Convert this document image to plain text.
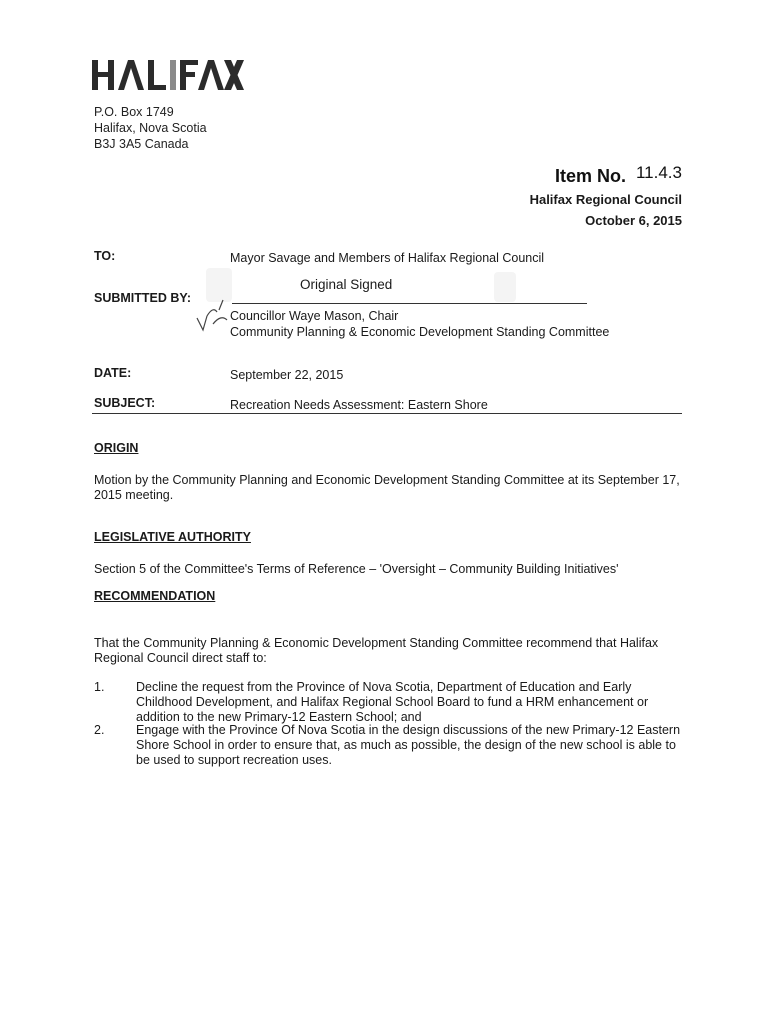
P.O. Box 1749
Halifax, Nova Scotia
B3J 3A5 Canada
Item No. 11.4.3
Halifax Regional Council
October 6, 2015
TO:	Mayor Savage and Members of Halifax Regional Council
Original Signed
SUBMITTED BY:
Councillor Waye Mason, Chair
Community Planning & Economic Development Standing Committee
DATE:	September 22, 2015
SUBJECT:	Recreation Needs Assessment: Eastern Shore
ORIGIN
Motion by the Community Planning and Economic Development Standing Committee at its September 17, 2015 meeting.
LEGISLATIVE AUTHORITY
Section 5 of the Committee's Terms of Reference – 'Oversight – Community Building Initiatives'
RECOMMENDATION
That the Community Planning & Economic Development Standing Committee recommend that Halifax Regional Council direct staff to:
1.	Decline the request from the Province of Nova Scotia, Department of Education and Early Childhood Development, and Halifax Regional School Board to fund a HRM enhancement or addition to the new Primary-12 Eastern School; and
2.	Engage with the Province Of Nova Scotia in the design discussions of the new Primary-12 Eastern Shore School in order to ensure that, as much as possible, the design of the new school is able to be used to support recreation uses.
